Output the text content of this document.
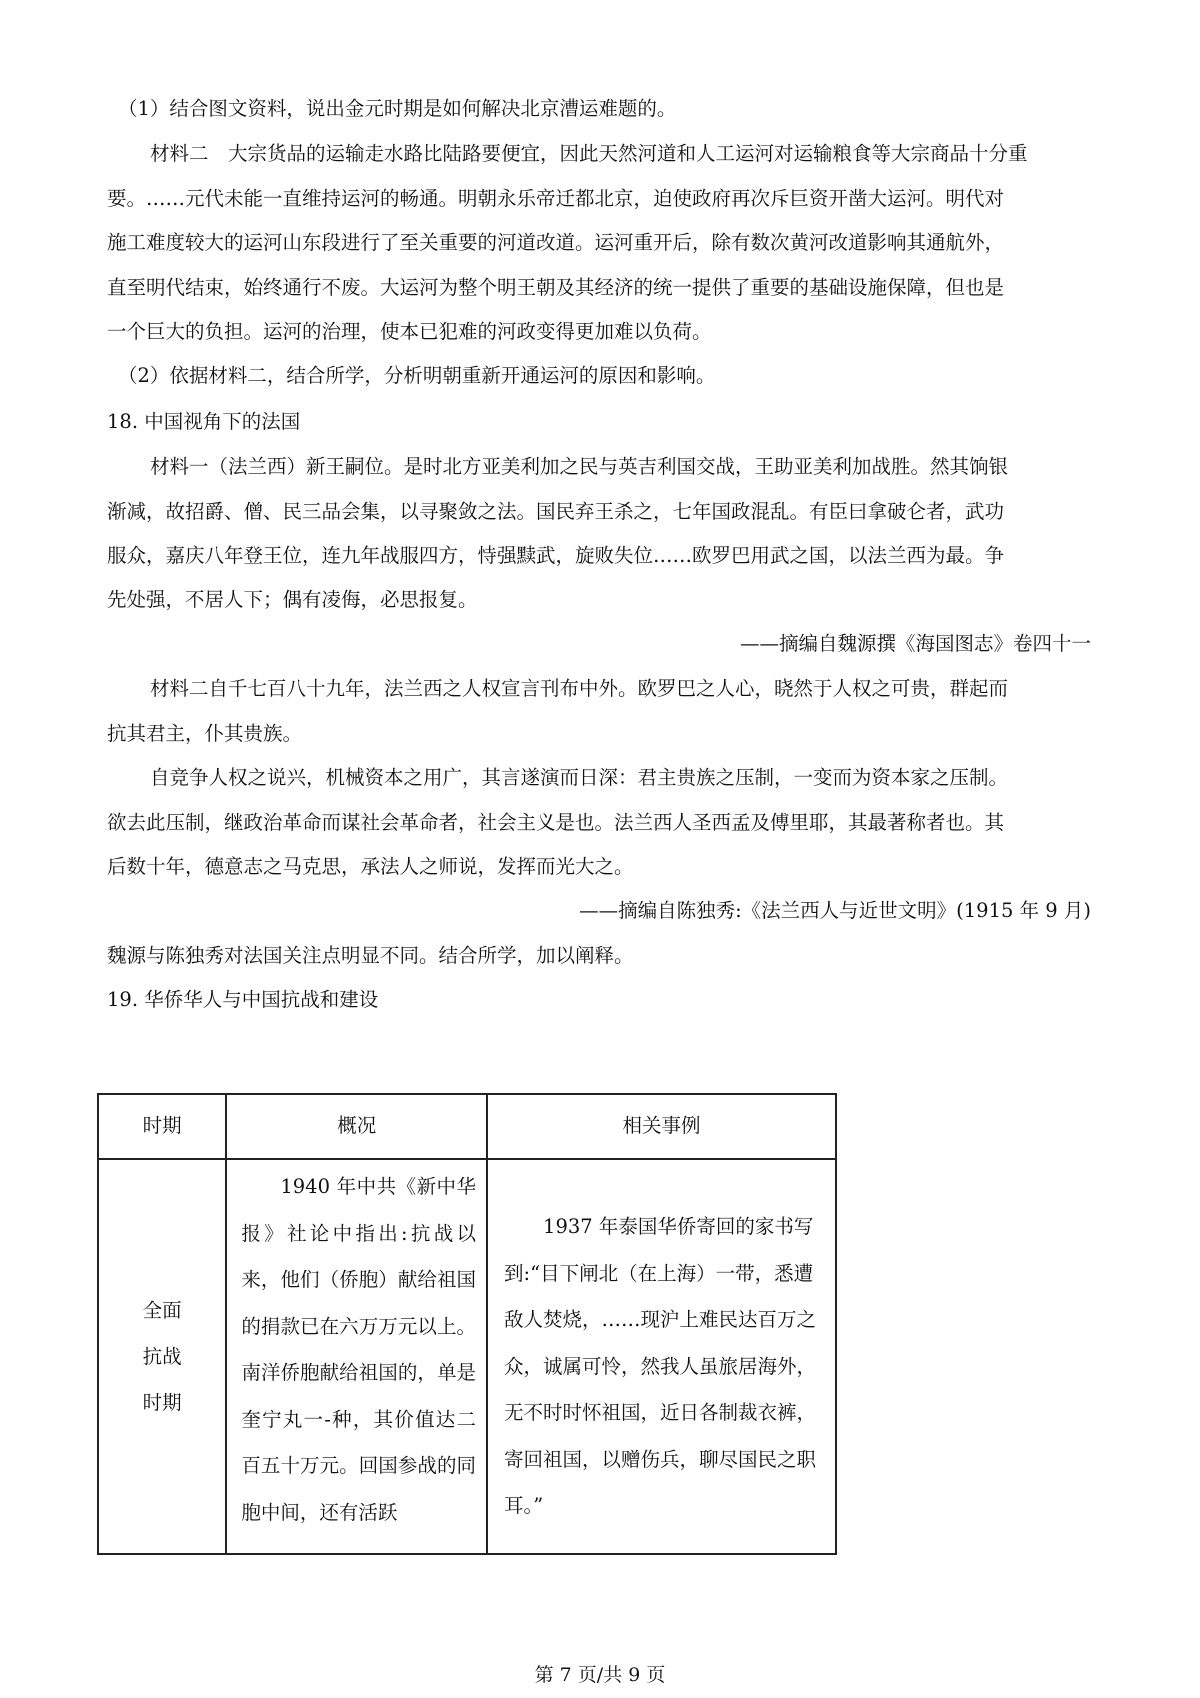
（1）结合图文资料，说出金元时期是如何解决北京漕运难题的。
材料二　大宗货品的运输走水路比陆路要便宜，因此天然河道和人工运河对运输粮食等大宗商品十分重
要。……元代未能一直维持运河的畅通。明朝永乐帝迁都北京，迫使政府再次斥巨资开凿大运河。明代对
施工难度较大的运河山东段进行了至关重要的河道改道。运河重开后，除有数次黄河改道影响其通航外，
直至明代结束，始终通行不废。大运河为整个明王朝及其经济的统一提供了重要的基础设施保障，但也是
一个巨大的负担。运河的治理，使本已犯难的河政变得更加难以负荷。
（2）依据材料二，结合所学，分析明朝重新开通运河的原因和影响。
18. 中国视角下的法国
材料一（法兰西）新王嗣位。是时北方亚美利加之民与英吉利国交战，王助亚美利加战胜。然其饷银
渐减，故招爵、僧、民三品会集，以寻聚敛之法。国民弃王杀之，七年国政混乱。有臣曰拿破仑者，武功
服众，嘉庆八年登王位，连九年战服四方，恃强黩武，旋败失位……欧罗巴用武之国，以法兰西为最。争
先处强，不居人下；偶有凌侮，必思报复。
——摘编自魏源撰《海国图志》卷四十一
材料二自千七百八十九年，法兰西之人权宣言刊布中外。欧罗巴之人心，晓然于人权之可贵，群起而
抗其君主，仆其贵族。
自竞争人权之说兴，机械资本之用广，其言遂演而日深：君主贵族之压制，一变而为资本家之压制。
欲去此压制，继政治革命而谋社会革命者，社会主义是也。法兰西人圣西孟及傅里耶，其最著称者也。其
后数十年，德意志之马克思，承法人之师说，发挥而光大之。
——摘编自陈独秀:《法兰西人与近世文明》(1915 年 9 月)
魏源与陈独秀对法国关注点明显不同。结合所学，加以阐释。
19. 华侨华人与中国抗战和建设
时期	概况	相关事例

全面抗战时期	1940 年中共《新中华报》社论中指出:抗战以来，他们（侨胞）献给祖国的捐款已在六万万元以上。南洋侨胞献给祖国的，单是奎宁丸一-种，其价值达二百五十万元。回国参战的同胞中间，还有活跃	1937 年泰国华侨寄回的家书写到:“目下闸北（在上海）一带，悉遭敌人焚烧，……现沪上难民达百万之众，诚属可怜，然我人虽旅居海外，无不时时怀祖国，近日各制裁衣裤，寄回祖国，以赠伤兵，聊尽国民之职耳。”
第 7 页/共 9 页
